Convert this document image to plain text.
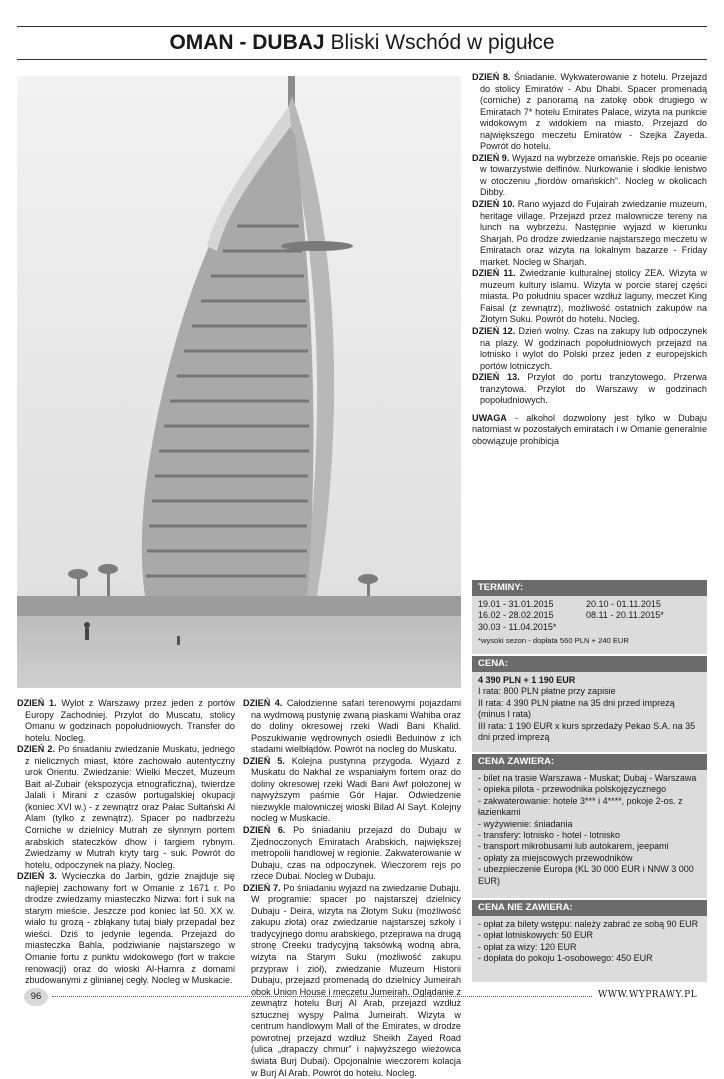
OMAN - DUBAJ Bliski Wschód w pigułce

DZIEŃ 1. Wylot z Warszawy przez jeden z portów Europy Zachodniej. Przylot do Muscatu, stolicy Omanu w godzinach popołudniowych. Transfer do hotelu. Nocleg.

DZIEŃ 2. Po śniadaniu zwiedzanie Muskatu, jednego z nielicznych miast, które zachowało autentyczny urok Orientu. Zwiedzanie: Wielki Meczet, Muzeum Bait al-Zubair (ekspozycja etnograficzna), twierdze Jalali i Mirani z czasów portugalskiej okupacji (koniec XVI w.) - z zewnątrz oraz Pałac Sułtański Al Alam (tylko z zewnątrz). Spacer po nadbrzeżu Corniche w dzielnicy Mutrah ze słynnym portem arabskich stateczków dhow i targiem rybnym. Zwiedzamy w Mutrah kryty targ - suk. Powrót do hotelu, odpoczynek na plaży. Nocleg.

DZIEŃ 3. Wycieczka do Jarbin, gdzie znajduje się najlepiej zachowany fort w Omanie z 1671 r. Po drodze zwiedzamy miasteczko Nizwa: fort i suk na starym mieście. Jeszcze pod koniec lat 50. XX w. wiało tu grozą - zbłąkany tutaj biały przepadał bez wieści. Dziś to jedynie legenda. Przejazd do miasteczka Bahla, podziwianie najstarszego w Omanie fortu z punktu widokowego (fort w trakcie renowacji) oraz do wioski Al-Hamra z domami zbudowanymi z glinianej cegły. Nocleg w Muskacie.

DZIEŃ 4. Całodzienne safari terenowymi pojazdami na wydmową pustynię zwaną piaskami Wahiba oraz do doliny okresowej rzeki Wadi Bani Khalid. Poszukiwanie wędrownych osiedli Beduinów z ich stadami wielbłądów. Powrót na nocleg do Muskatu.

DZIEŃ 5. Kolejna pustynna przygoda. Wyjazd z Muskatu do Nakhal ze wspaniałym fortem oraz do doliny okresowej rzeki Wadi Bani Awf położonej w najwyższym paśmie Gór Hajar. Odwiedzenie niezwykle malowniczej wioski Bilad Al Sayt. Kolejny nocleg w Muskacie.

DZIEŃ 6. Po śniadaniu przejazd do Dubaju w Zjednoczonych Emiratach Arabskich, największej metropolii handlowej w regionie. Zakwaterowanie w Dubaju, czas na odpoczynek. Wieczorem rejs po rzece Dubai. Nocleg w Dubaju.

DZIEŃ 7. Po śniadaniu wyjazd na zwiedzanie Dubaju. W programie: spacer po najstarszej dzielnicy Dubaju - Deira, wizyta na Złotym Suku (możliwość zakupu złota) oraz zwiedzanie najstarszej szkoły i tradycyjnego domu arabskiego, przeprawa na drugą stronę Creeku tradycyjną taksówką wodną abra, wizyta na Starym Suku (możliwość zakupu przypraw i ziół), zwiedzanie Muzeum Historii Dubaju, przejazd promenadą do dzielnicy Jumeirah obok Union House i meczetu Jumeirah. Oglądanie z zewnątrz hotelu Burj Al Arab, przejazd wzdłuż sztucznej wyspy Palma Jumeirah. Wizyta w centrum handlowym Mall of the Emirates, w drodze powrotnej przejazd wzdłuż Sheikh Zayed Road (ulica „drapaczy chmur” i najwyższego wieżowca świata Burj Dubai). Opcjonalnie wieczorem kolacja w Burj Al Arab. Powrót do hotelu. Nocleg.

DZIEŃ 8. Śniadanie. Wykwaterowanie z hotelu. Przejazd do stolicy Emiratów - Abu Dhabi. Spacer promenadą (corniche) z panoramą na zatokę obok drugiego w Emiratach 7* hotelu Emirates Palace, wizyta na punkcie widokowym z widokiem na miasto. Przejazd do największego meczetu Emiratów - Szejka Zayeda. Powrót do hotelu.

DZIEŃ 9. Wyjazd na wybrzeże omańskie. Rejs po oceanie w towarzystwie delfinów. Nurkowanie i słodkie lenistwo w otoczeniu „fiordów omańskich”. Nocleg w okolicach Dibby.

DZIEŃ 10. Rano wyjazd do Fujairah zwiedzanie muzeum, heritage village. Przejazd przez malownicze tereny na lunch na wybrzeżu. Następnie wyjazd w kierunku Sharjah. Po drodze zwiedzanie najstarszego meczetu w Emiratach oraz wizyta na lokalnym bazarze - Friday market. Nocleg w Sharjah.

DZIEŃ 11. Zwiedzanie kulturalnej stolicy ZEA. Wizyta w muzeum kultury islamu. Wizyta w porcie starej części miasta. Po południu spacer wzdłuż laguny, meczet King Faisal (z zewnątrz), możliwość ostatnich zakupów na Złotym Suku. Powrót do hotelu. Nocleg.

DZIEŃ 12. Dzień wolny. Czas na zakupy lub odpoczynek na plaży. W godzinach popołudniowych przejazd na lotnisko i wylot do Polski przez jeden z europejskich portów lotniczych.

DZIEŃ 13. Przylot do portu tranzytowego. Przerwa tranzytowa. Przylot do Warszawy w godzinach popołudniowych.

UWAGA - alkohol dozwolony jest tylko w Dubaju natomiast w pozostałych emiratach i w Omanie generalnie obowiązuje prohibicja

TERMINY:
19.01 - 31.01.2015	20.10 - 01.11.2015
16.02 - 28.02.2015	08.11 - 20.11.2015*
30.03 - 11.04.2015*

*wysoki sezon - dopłata 560 PLN + 240 EUR

CENA:

4 390 PLN + 1 190 EUR

I rata: 800 PLN płatne przy zapisie

II rata: 4 390 PLN płatne na 35 dni przed imprezą (minus I rata)

III rata: 1 190 EUR x kurs sprzedaży Pekao S.A. na 35 dni przed imprezą

CENA ZAWIERA:

- bilet na trasie Warszawa - Muskat; Dubaj - Warszawa

- opieka pilota - przewodnika polskojęzycznego

- zakwaterowanie: hotele 3*** i 4****, pokoje 2-os. z łazienkami

- wyżywienie: śniadania

- transfery: lotnisko - hotel - lotnisko

- transport mikrobusami lub autokarem, jeepami

- opłaty za miejscowych przewodników

- ubezpieczenie Europa (KL 30 000 EUR i NNW 3 000 EUR)

CENA NIE ZAWIERA:

- opłat za bilety wstępu: należy zabrać ze sobą 90 EUR

- opłat lotniskowych: 50 EUR

- opłat za wizy: 120 EUR

- dopłata do pokoju 1-osobowego: 450 EUR

96	WWW.WYPRAWY.PL
